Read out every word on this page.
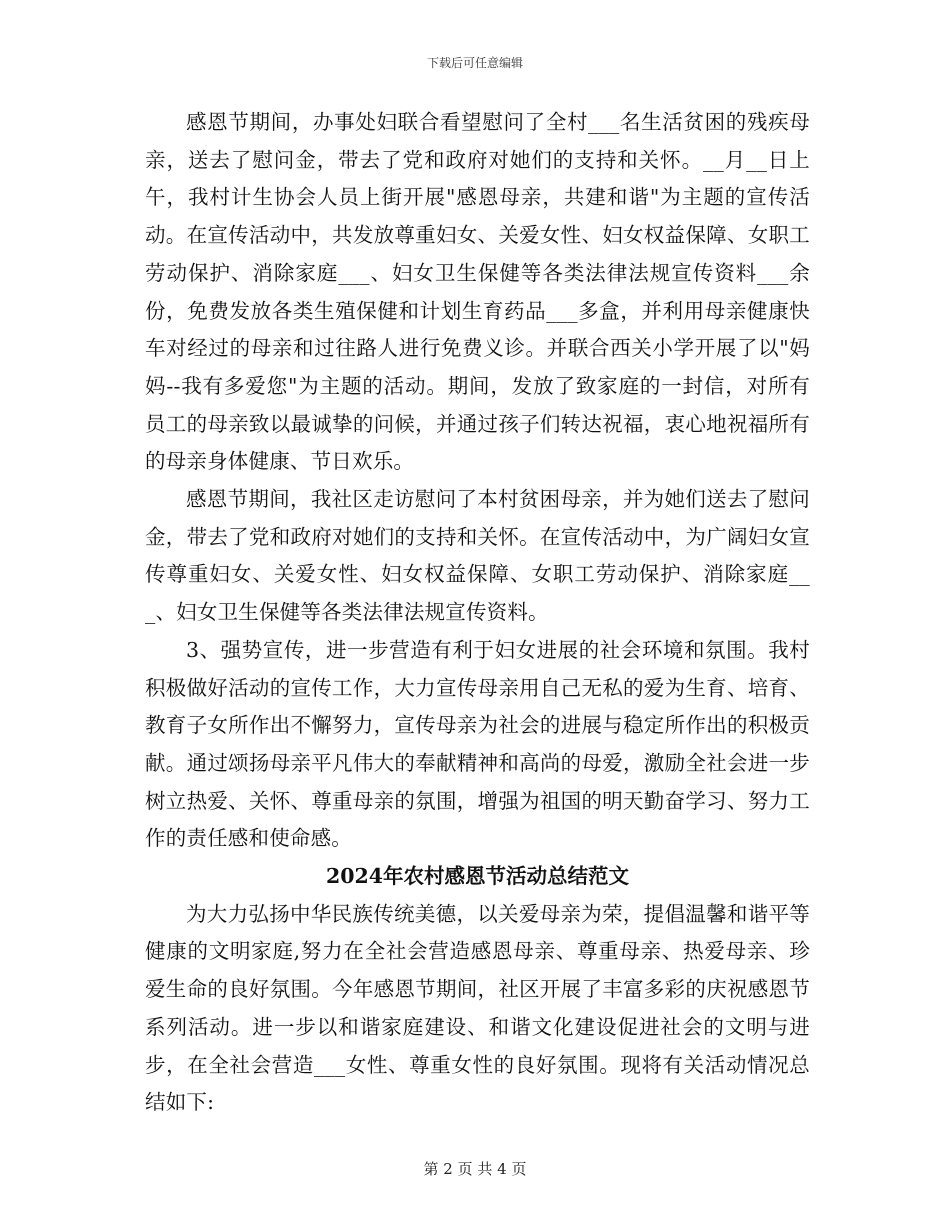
下载后可任意编辑

感恩节期间，办事处妇联合看望慰问了全村___名生活贫困的残疾母亲，送去了慰问金，带去了党和政府对她们的支持和关怀。__月__日上午，我村计生协会人员上街开展"感恩母亲，共建和谐"为主题的宣传活动。在宣传活动中，共发放尊重妇女、关爱女性、妇女权益保障、女职工劳动保护、消除家庭___、妇女卫生保健等各类法律法规宣传资料___余份，免费发放各类生殖保健和计划生育药品___多盒，并利用母亲健康快车对经过的母亲和过往路人进行免费义诊。并联合西关小学开展了以"妈妈--我有多爱您"为主题的活动。期间，发放了致家庭的一封信，对所有员工的母亲致以最诚挚的问候，并通过孩子们转达祝福，衷心地祝福所有的母亲身体健康、节日欢乐。

感恩节期间，我社区走访慰问了本村贫困母亲，并为她们送去了慰问金，带去了党和政府对她们的支持和关怀。在宣传活动中，为广阔妇女宣传尊重妇女、关爱女性、妇女权益保障、女职工劳动保护、消除家庭___、妇女卫生保健等各类法律法规宣传资料。

3、强势宣传，进一步营造有利于妇女进展的社会环境和氛围。我村积极做好活动的宣传工作，大力宣传母亲用自己无私的爱为生育、培育、教育子女所作出不懈努力，宣传母亲为社会的进展与稳定所作出的积极贡献。通过颂扬母亲平凡伟大的奉献精神和高尚的母爱，激励全社会进一步树立热爱、关怀、尊重母亲的氛围，增强为祖国的明天勤奋学习、努力工作的责任感和使命感。

2024年农村感恩节活动总结范文

为大力弘扬中华民族传统美德，以关爱母亲为荣，提倡温馨和谐平等健康的文明家庭,努力在全社会营造感恩母亲、尊重母亲、热爱母亲、珍爱生命的良好氛围。今年感恩节期间，社区开展了丰富多彩的庆祝感恩节系列活动。进一步以和谐家庭建设、和谐文化建设促进社会的文明与进步，在全社会营造___女性、尊重女性的良好氛围。现将有关活动情况总结如下:

第 2 页 共 4 页
